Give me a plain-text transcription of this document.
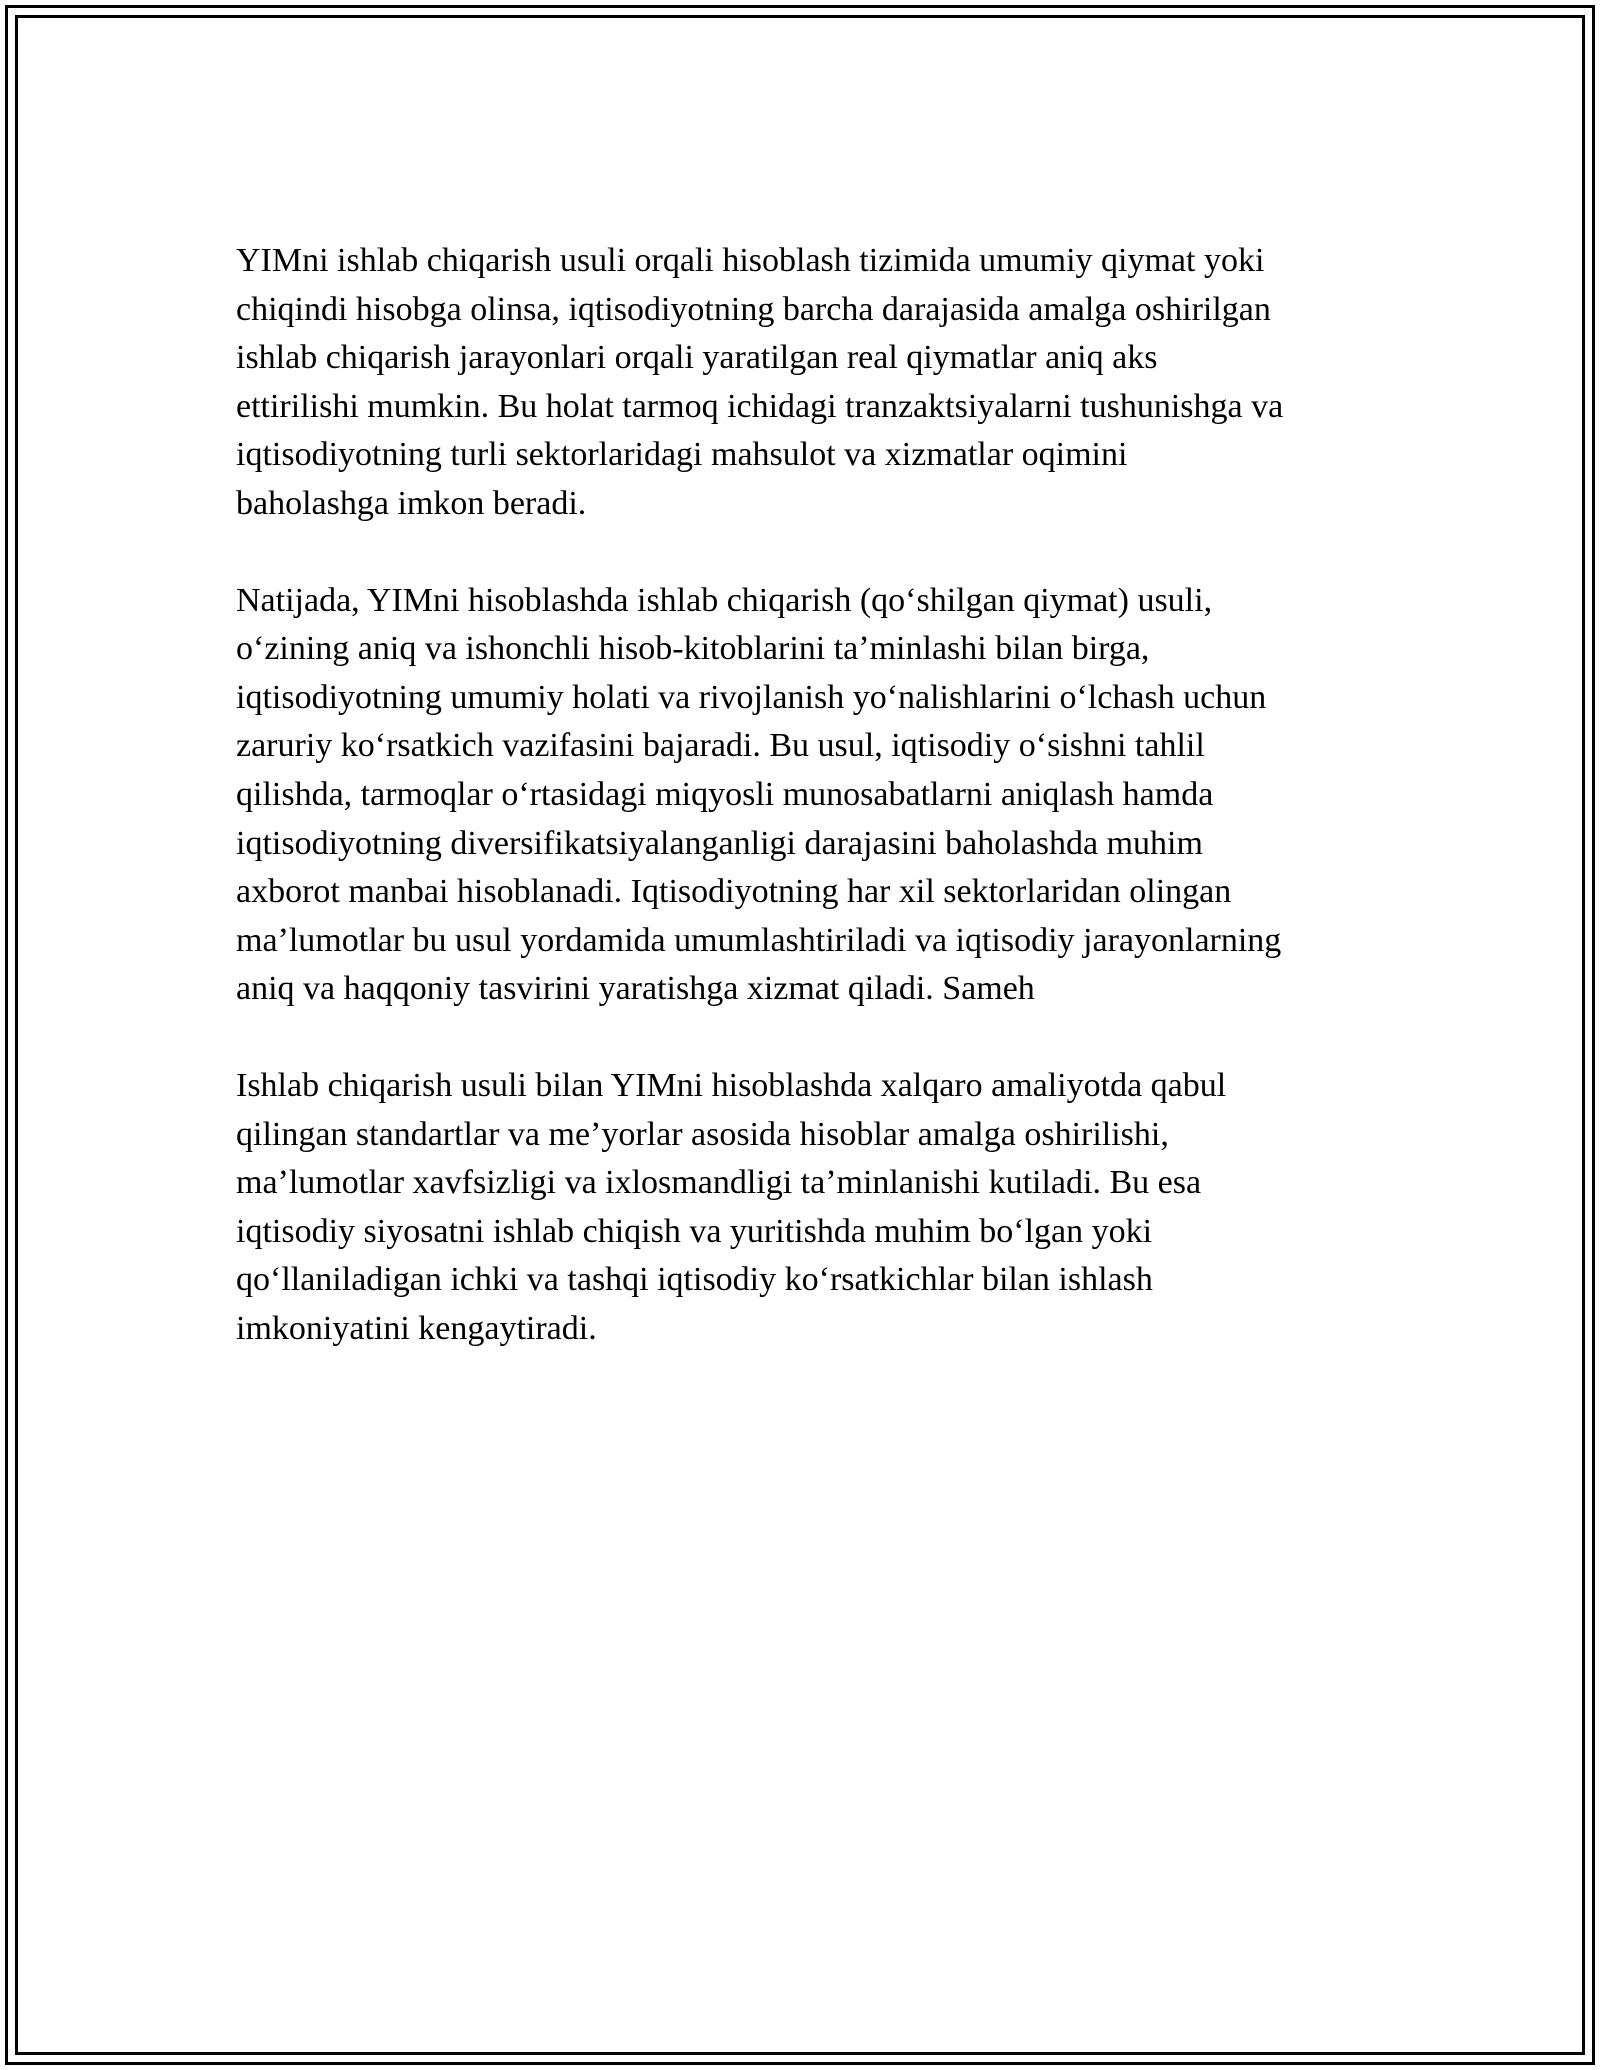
YIMni ishlab chiqarish usuli orqali hisoblash tizimida umumiy qiymat yoki
chiqindi hisobga olinsa, iqtisodiyotning barcha darajasida amalga oshirilgan
ishlab chiqarish jarayonlari orqali yaratilgan real qiymatlar aniq aks
ettirilishi mumkin. Bu holat tarmoq ichidagi tranzaktsiyalarni tushunishga va
iqtisodiyotning turli sektorlaridagi mahsulot va xizmatlar oqimini
baholashga imkon beradi.

Natijada, YIMni hisoblashda ishlab chiqarish (qoʻshilgan qiymat) usuli,
oʻzining aniq va ishonchli hisob-kitoblarini taʼminlashi bilan birga,
iqtisodiyotning umumiy holati va rivojlanish yoʻnalishlarini oʻlchash uchun
zaruriy koʻrsatkich vazifasini bajaradi. Bu usul, iqtisodiy oʻsishni tahlil
qilishda, tarmoqlar oʻrtasidagi miqyosli munosabatlarni aniqlash hamda
iqtisodiyotning diversifikatsiyalanganligi darajasini baholashda muhim
axborot manbai hisoblanadi. Iqtisodiyotning har xil sektorlaridan olingan
maʼlumotlar bu usul yordamida umumlashtiriladi va iqtisodiy jarayonlarning
aniq va haqqoniy tasvirini yaratishga xizmat qiladi. Sameh

Ishlab chiqarish usuli bilan YIMni hisoblashda xalqaro amaliyotda qabul
qilingan standartlar va meʼyorlar asosida hisoblar amalga oshirilishi,
maʼlumotlar xavfsizligi va ixlosmandligi taʼminlanishi kutiladi. Bu esa
iqtisodiy siyosatni ishlab chiqish va yuritishda muhim boʻlgan yoki
qoʻllaniladigan ichki va tashqi iqtisodiy koʻrsatkichlar bilan ishlash
imkoniyatini kengaytiradi.
